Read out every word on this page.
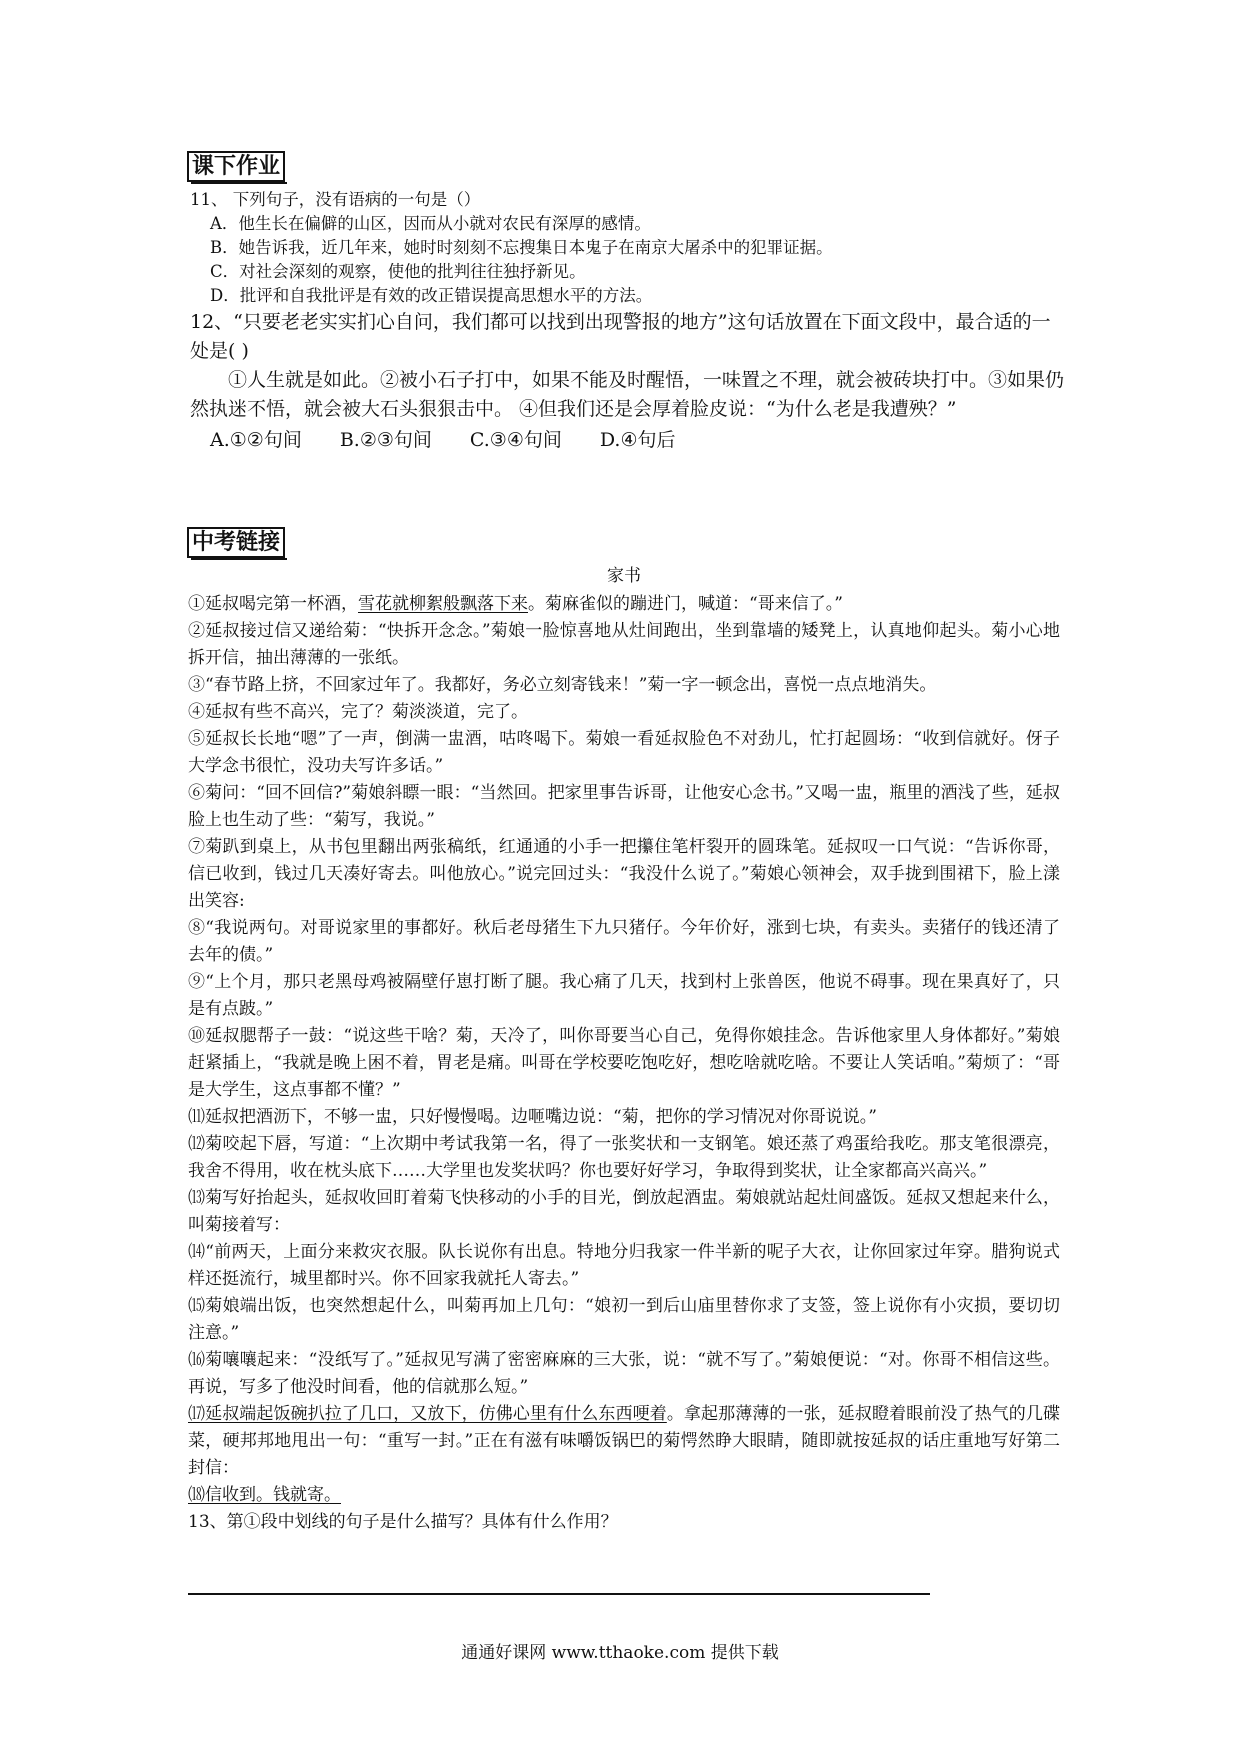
课下作业

11、 下列句子，没有语病的一句是（）

A．他生长在偏僻的山区，因而从小就对农民有深厚的感情。

B．她告诉我，近几年来，她时时刻刻不忘搜集日本鬼子在南京大屠杀中的犯罪证据。

C．对社会深刻的观察，使他的批判往往独抒新见。

D．批评和自我批评是有效的改正错误提高思想水平的方法。

12、“只要老老实实扪心自问，我们都可以找到出现警报的地方”这句话放置在下面文段中，最合适的一处是( )

①人生就是如此。②被小石子打中，如果不能及时醒悟，一味置之不理，就会被砖块打中。③如果仍然执迷不悟，就会被大石头狠狠击中。 ④但我们还是会厚着脸皮说：“为什么老是我遭殃？”

A.①②句间 B.②③句间 C.③④句间 D.④句后
中考链接

家书

①延叔喝完第一杯酒，雪花就柳絮般飘落下来。菊麻雀似的蹦进门，喊道：“哥来信了。”

②延叔接过信又递给菊：“快拆开念念。”菊娘一脸惊喜地从灶间跑出，坐到靠墙的矮凳上，认真地仰起头。菊小心地拆开信，抽出薄薄的一张纸。

③“春节路上挤，不回家过年了。我都好，务必立刻寄钱来！”菊一字一顿念出，喜悦一点点地消失。

④延叔有些不高兴，完了？菊淡淡道，完了。

⑤延叔长长地“嗯”了一声，倒满一盅酒，咕咚喝下。菊娘一看延叔脸色不对劲儿，忙打起圆场：“收到信就好。伢子大学念书很忙，没功夫写许多话。”

⑥菊问：“回不回信?”菊娘斜瞟一眼：“当然回。把家里事告诉哥，让他安心念书。”又喝一盅，瓶里的酒浅了些，延叔脸上也生动了些：“菊写，我说。”

⑦菊趴到桌上，从书包里翻出两张稿纸，红通通的小手一把攥住笔杆裂开的圆珠笔。延叔叹一口气说：“告诉你哥，信已收到，钱过几天凑好寄去。叫他放心。”说完回过头：“我没什么说了。”菊娘心领神会，双手拢到围裙下，脸上漾出笑容:

⑧“我说两句。对哥说家里的事都好。秋后老母猪生下九只猪仔。今年价好，涨到七块，有卖头。卖猪仔的钱还清了去年的债。”

⑨“上个月，那只老黑母鸡被隔壁仔崽打断了腿。我心痛了几天，找到村上张兽医，他说不碍事。现在果真好了，只是有点跛。”

⑩延叔腮帮子一鼓：“说这些干啥？菊，天冷了，叫你哥要当心自己，免得你娘挂念。告诉他家里人身体都好。”菊娘赶紧插上，“我就是晚上困不着，胃老是痛。叫哥在学校要吃饱吃好，想吃啥就吃啥。不要让人笑话咱。”菊烦了：“哥是大学生，这点事都不懂？”

⑾延叔把酒沥下，不够一盅，只好慢慢喝。边咂嘴边说：“菊，把你的学习情况对你哥说说。”

⑿菊咬起下唇，写道：“上次期中考试我第一名，得了一张奖状和一支钢笔。娘还蒸了鸡蛋给我吃。那支笔很漂亮，我舍不得用，收在枕头底下……大学里也发奖状吗？你也要好好学习，争取得到奖状，让全家都高兴高兴。”

⒀菊写好抬起头，延叔收回盯着菊飞快移动的小手的目光，倒放起酒盅。菊娘就站起灶间盛饭。延叔又想起来什么，叫菊接着写：

⒁“前两天，上面分来救灾衣服。队长说你有出息。特地分归我家一件半新的呢子大衣，让你回家过年穿。腊狗说式样还挺流行，城里都时兴。你不回家我就托人寄去。”

⒂菊娘端出饭，也突然想起什么，叫菊再加上几句：“娘初一到后山庙里替你求了支签，签上说你有小灾损，要切切注意。”

⒃菊嚷嚷起来：“没纸写了。”延叔见写满了密密麻麻的三大张，说：“就不写了。”菊娘便说：“对。你哥不相信这些。再说，写多了他没时间看，他的信就那么短。”

⒄延叔端起饭碗扒拉了几口，又放下，仿佛心里有什么东西哽着。拿起那薄薄的一张，延叔瞪着眼前没了热气的几碟菜，硬邦邦地甩出一句：“重写一封。”正在有滋有味嚼饭锅巴的菊愕然睁大眼睛，随即就按延叔的话庄重地写好第二封信：

⒅信收到。钱就寄。

13、第①段中划线的句子是什么描写？具体有什么作用？

通通好课网 www.tthaoke.com 提供下载
